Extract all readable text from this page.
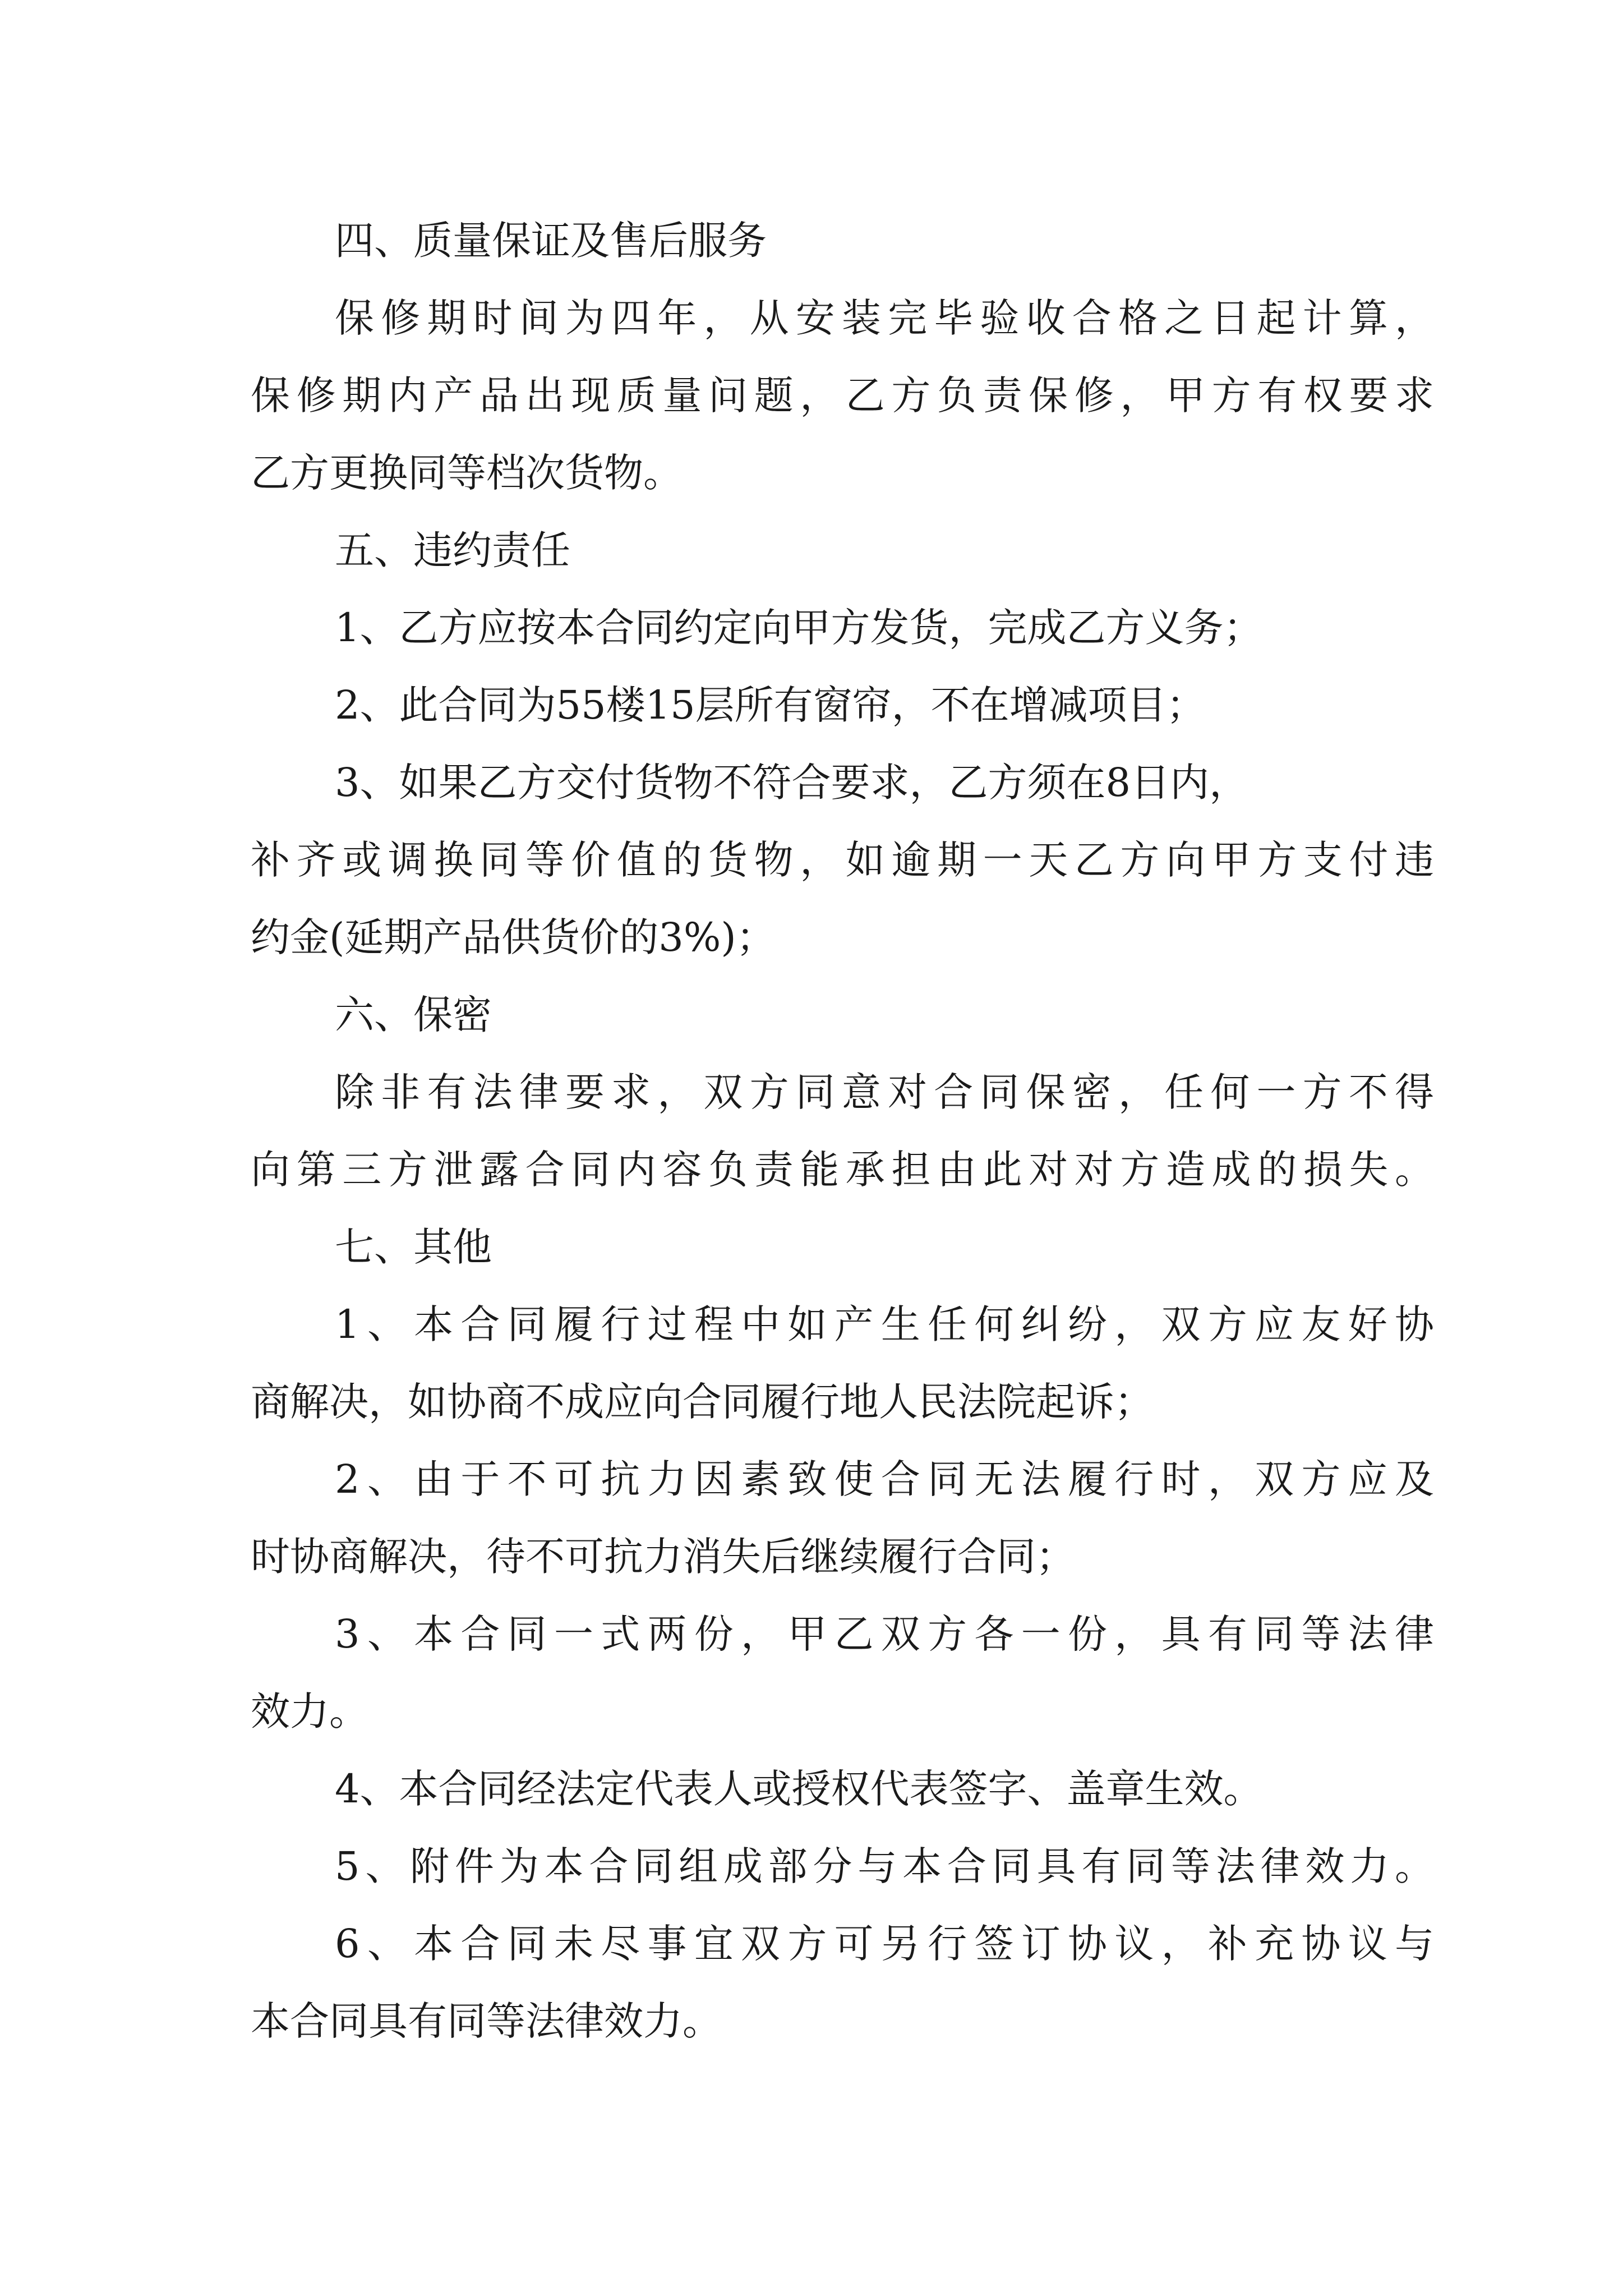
四、质量保证及售后服务
保修期时间为四年，从安装完毕验收合格之日起计算，
保修期内产品出现质量问题，乙方负责保修，甲方有权要求
乙方更换同等档次货物。
五、违约责任
1、乙方应按本合同约定向甲方发货，完成乙方义务；
2、此合同为55楼15层所有窗帘，不在增减项目；
3、如果乙方交付货物不符合要求，乙方须在8日内，
补齐或调换同等价值的货物，如逾期一天乙方向甲方支付违
约金(延期产品供货价的3%)；
六、保密
除非有法律要求，双方同意对合同保密，任何一方不得
向第三方泄露合同内容负责能承担由此对对方造成的损失。
七、其他
1、本合同履行过程中如产生任何纠纷，双方应友好协
商解决，如协商不成应向合同履行地人民法院起诉；
2、由于不可抗力因素致使合同无法履行时，双方应及
时协商解决，待不可抗力消失后继续履行合同；
3、本合同一式两份，甲乙双方各一份，具有同等法律
效力。
4、本合同经法定代表人或授权代表签字、盖章生效。
5、附件为本合同组成部分与本合同具有同等法律效力。
6、本合同未尽事宜双方可另行签订协议，补充协议与
本合同具有同等法律效力。
